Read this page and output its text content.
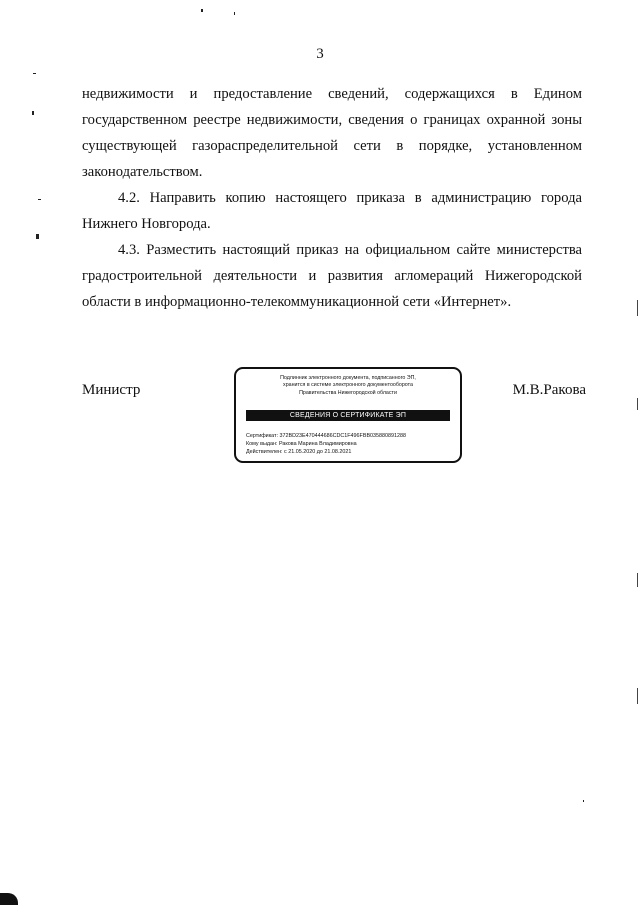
3

недвижимости и предоставление сведений, содержащихся в Едином государственном реестре недвижимости, сведения о границах охранной зоны существующей газораспределительной сети в порядке, установленном законодательством.

4.2. Направить копию настоящего приказа в администрацию города Нижнего Новгорода.

4.3. Разместить настоящий приказ на официальном сайте министерства градостроительной деятельности и развития агломераций Нижегородской области в информационно-телекоммуникационной сети «Интернет».

Министр	М.В.Ракова
Подлинник электронного документа, подписанного ЭП,
хранится в системе электронного документооборота
Правительства Нижегородской области
СВЕДЕНИЯ О СЕРТИФИКАТЕ ЭП
Сертификат: 372BD23E470444686CDC1F496FBB035880891288
Кому выдан: Ракова Марина Владимировна
Действителен: с 21.05.2020 до 21.08.2021
